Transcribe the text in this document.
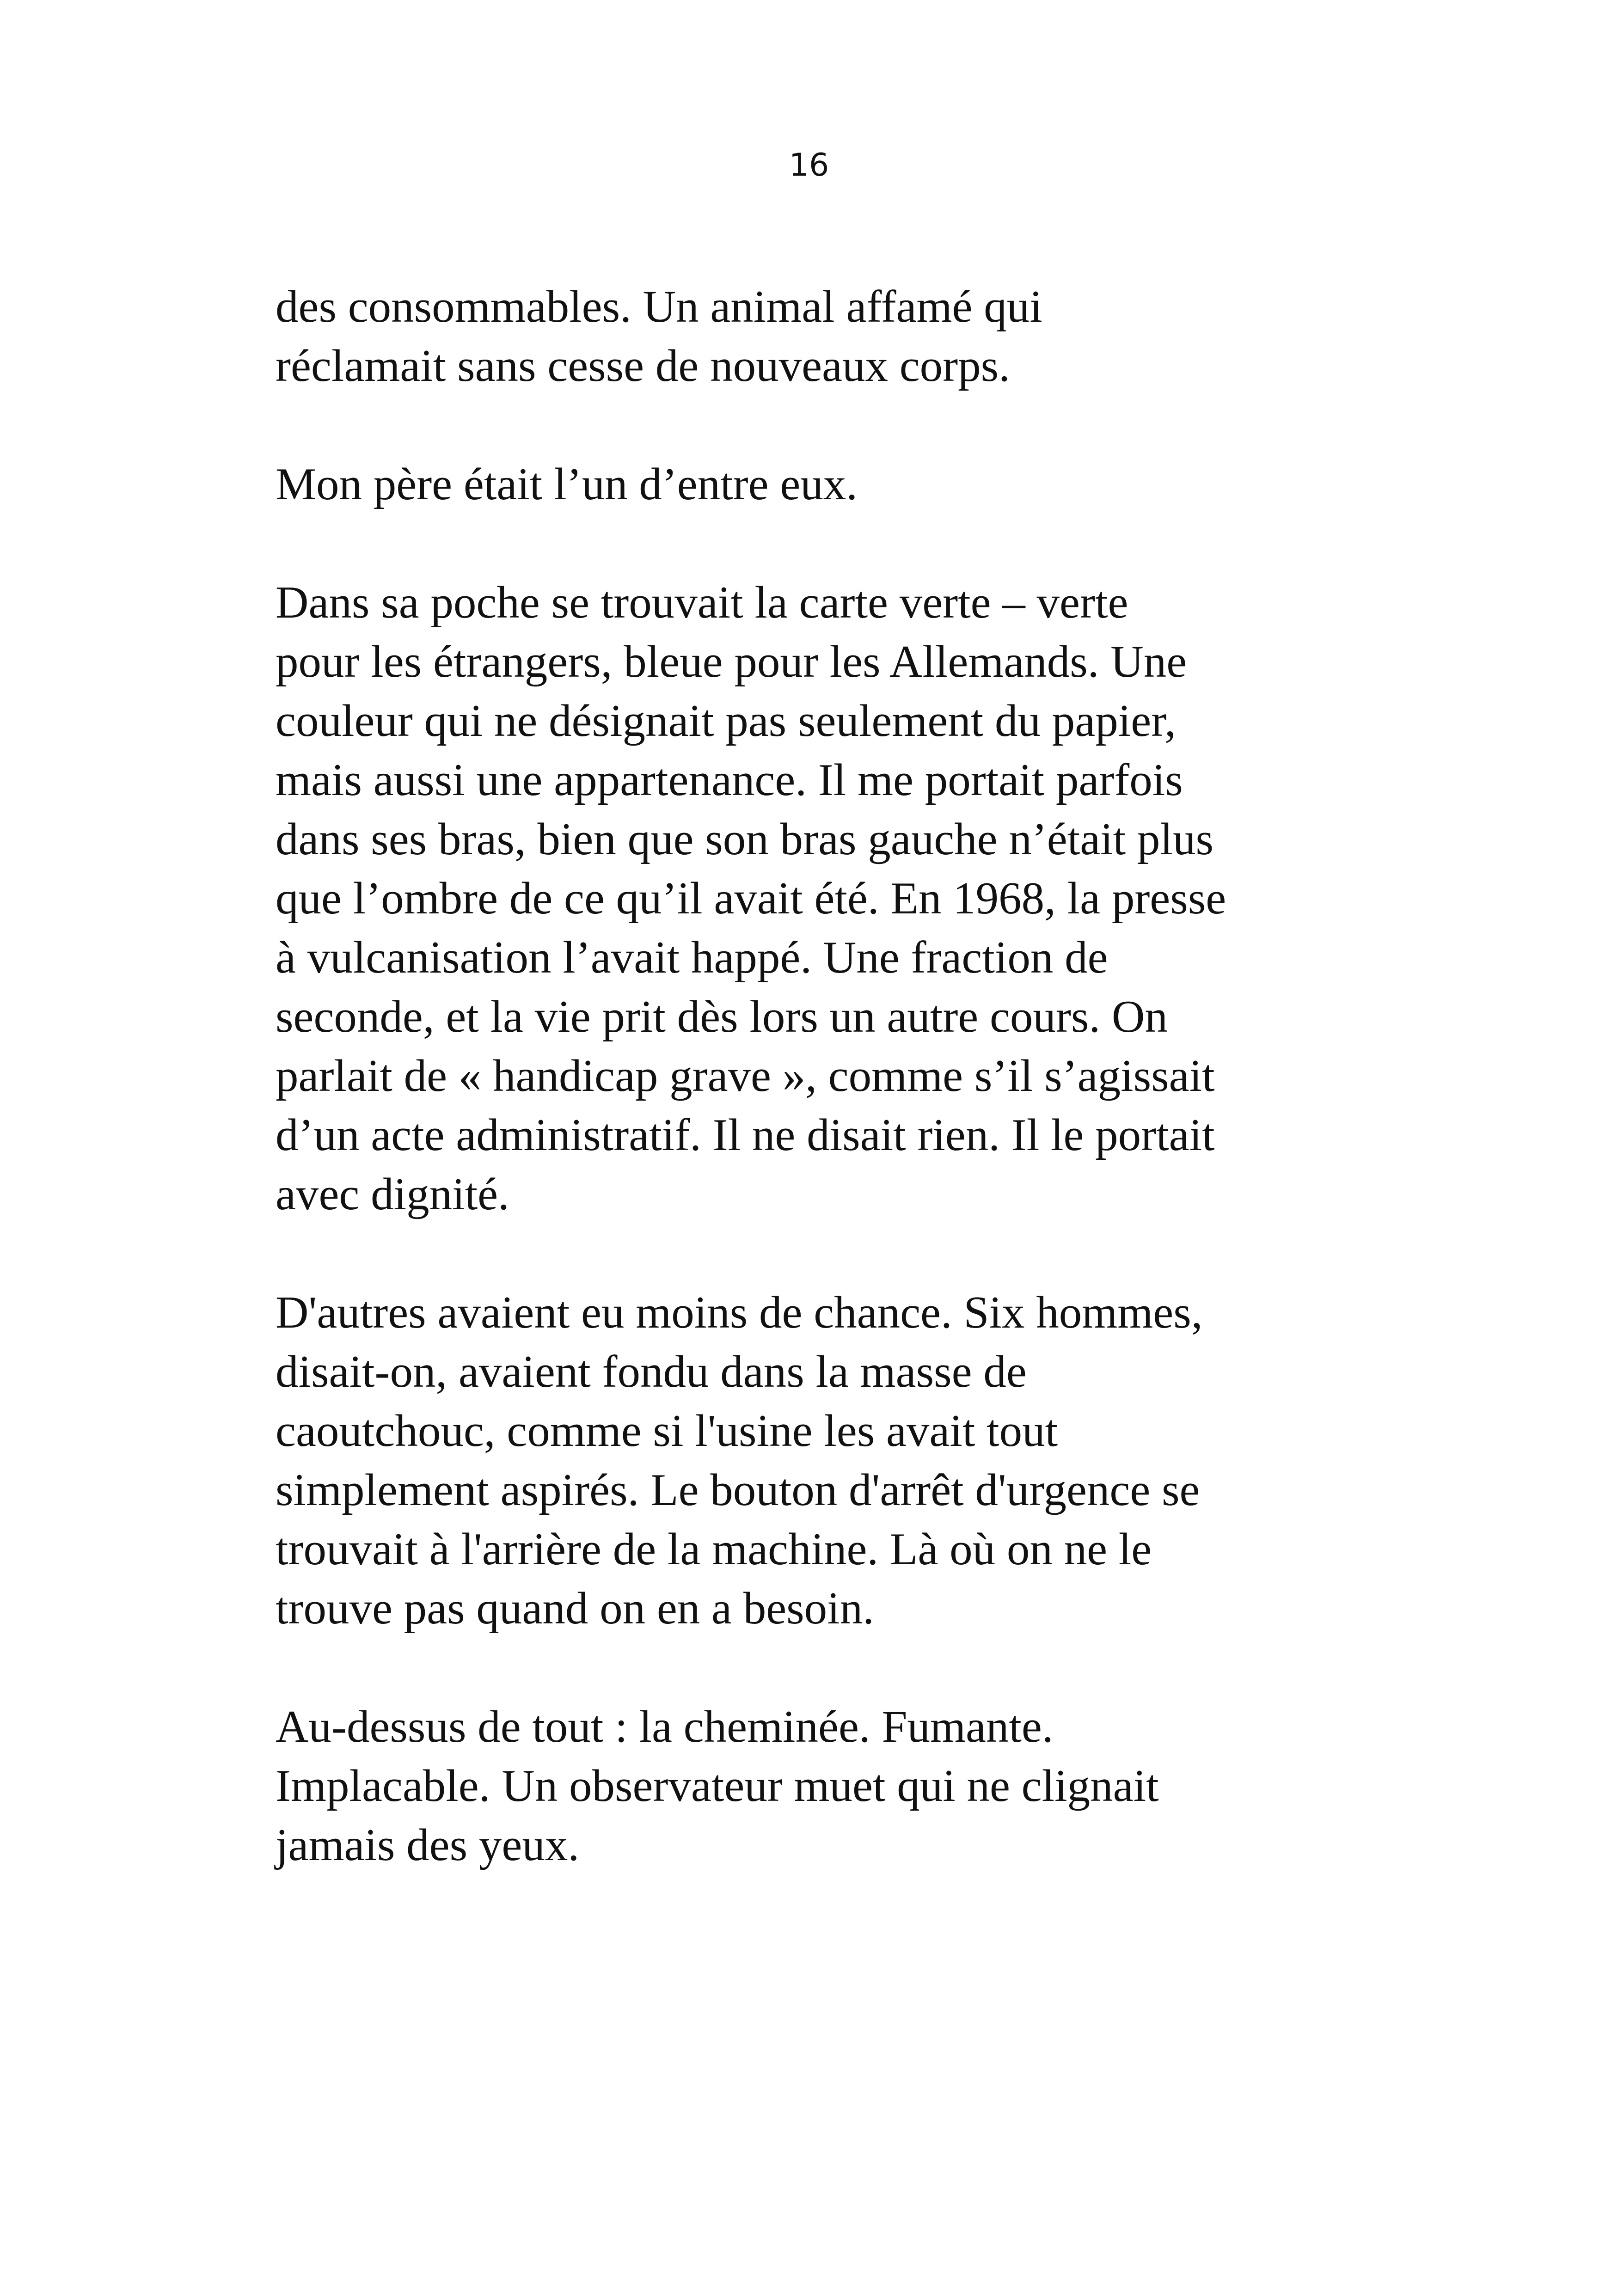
16

des consommables. Un animal affamé qui
réclamait sans cesse de nouveaux corps.

Mon père était l’un d’entre eux.

Dans sa poche se trouvait la carte verte – verte
pour les étrangers, bleue pour les Allemands. Une
couleur qui ne désignait pas seulement du papier,
mais aussi une appartenance. Il me portait parfois
dans ses bras, bien que son bras gauche n’était plus
que l’ombre de ce qu’il avait été. En 1968, la presse
à vulcanisation l’avait happé. Une fraction de
seconde, et la vie prit dès lors un autre cours. On
parlait de « handicap grave », comme s’il s’agissait
d’un acte administratif. Il ne disait rien. Il le portait
avec dignité.

D'autres avaient eu moins de chance. Six hommes,
disait-on, avaient fondu dans la masse de
caoutchouc, comme si l'usine les avait tout
simplement aspirés. Le bouton d'arrêt d'urgence se
trouvait à l'arrière de la machine. Là où on ne le
trouve pas quand on en a besoin.

Au-dessus de tout : la cheminée. Fumante.
Implacable. Un observateur muet qui ne clignait
jamais des yeux.
